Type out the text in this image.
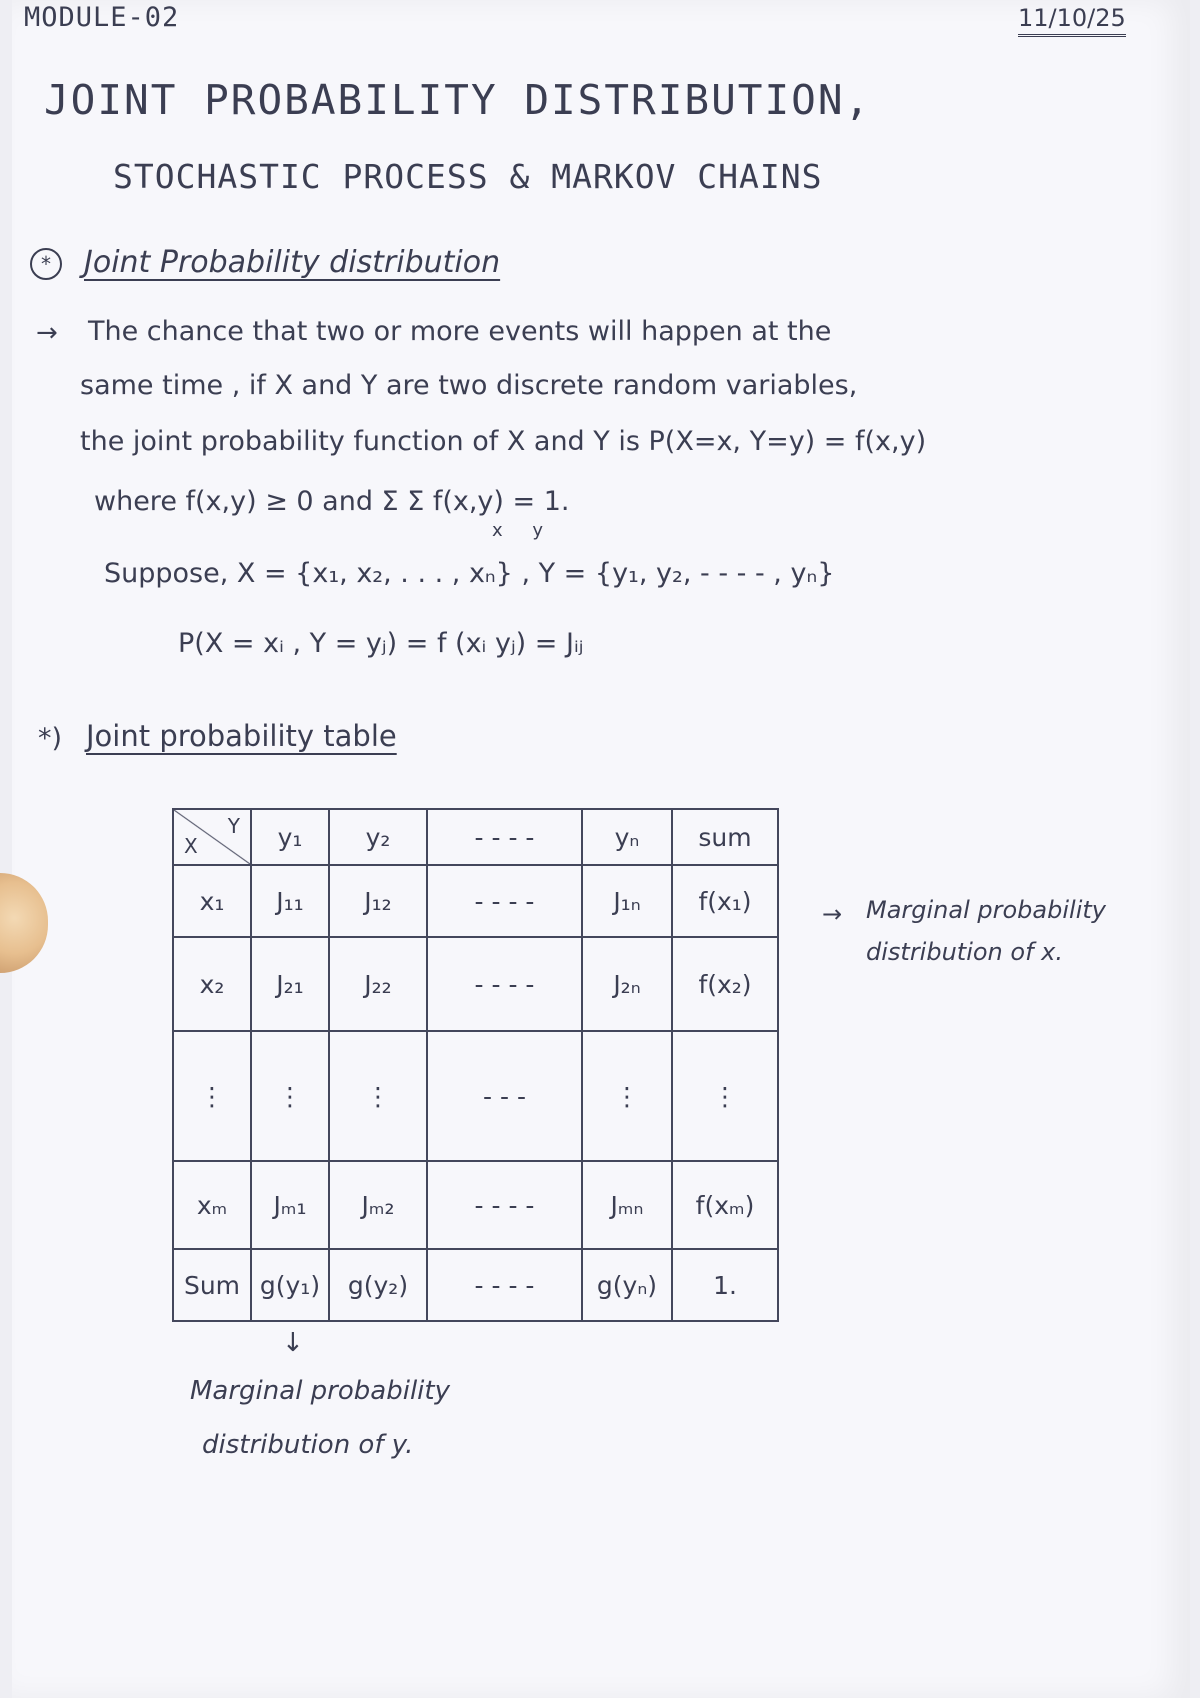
MODULE-02	11/10/25
JOINT PROBABILITY DISTRIBUTION,
STOCHASTIC PROCESS & MARKOV CHAINS
*	Joint Probability distribution
→ The chance that two or more events will happen at the
same time , if X and Y are two discrete random variables,
the joint probability function of X and Y is P(X=x, Y=y) = f(x,y)
where f(x,y) ≥ 0 and Σ Σ f(x,y) = 1.
x y
Suppose, X = {x₁, x₂, . . . , xₙ} , Y = {y₁, y₂, - - - - , yₙ}
P(X = xᵢ , Y = yⱼ) = f (xᵢ yⱼ) = Jᵢⱼ
*) Joint probability table
Y
X	y₁	y₂	- - - -	yₙ	sum
x₁	J₁₁	J₁₂	- - - -	J₁ₙ	f(x₁)
x₂	J₂₁	J₂₂	- - - -	J₂ₙ	f(x₂)
⋮	⋮	⋮	- - -	⋮	⋮
xₘ	Jₘ₁	Jₘ₂	- - - -	Jₘₙ	f(xₘ)
Sum	g(y₁)	g(y₂)	- - - -	g(yₙ)	1.
→ Marginal probability
distribution of x.
↓
Marginal probability
distribution of y.
